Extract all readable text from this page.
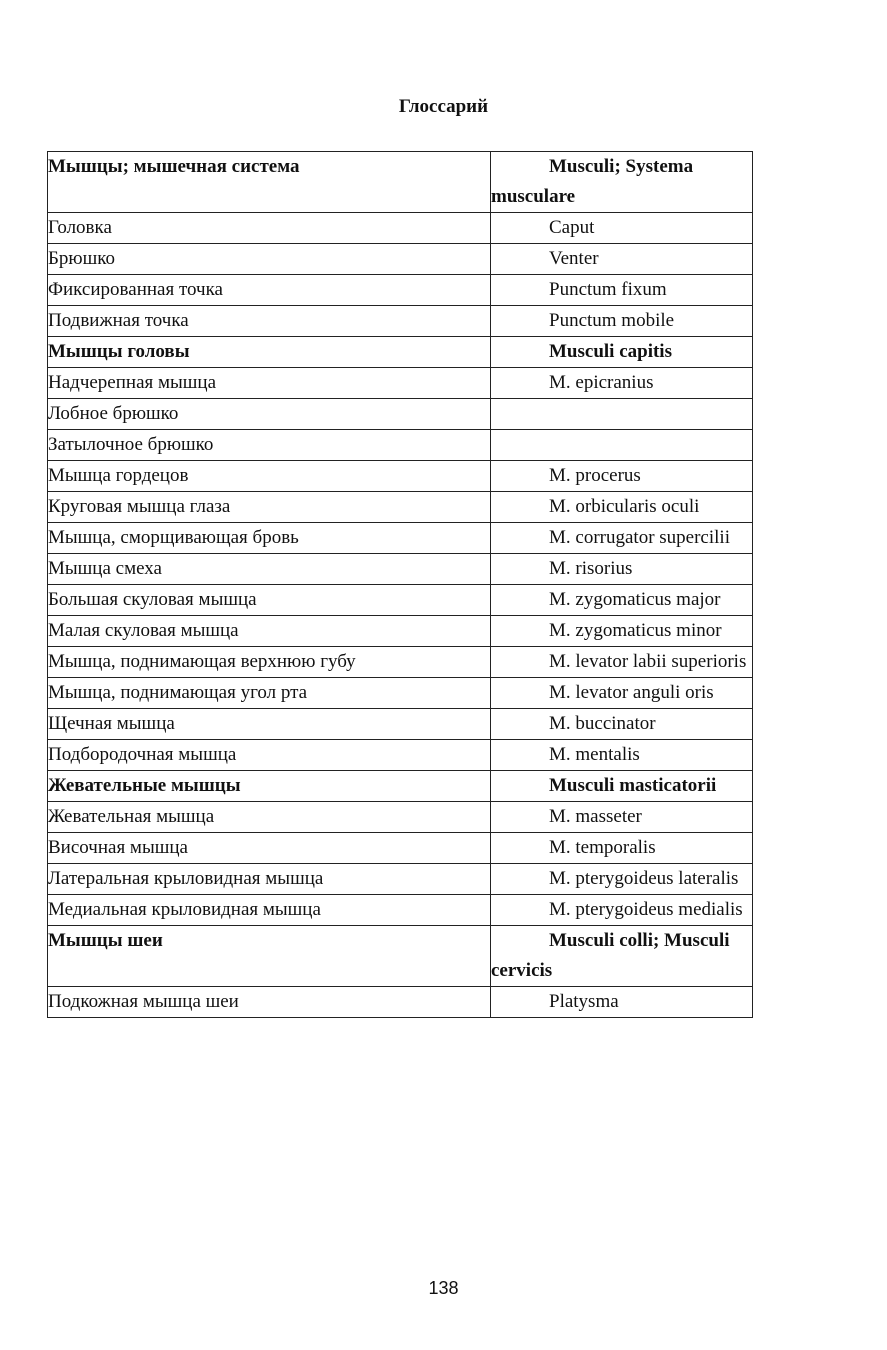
Глоссарий
Мышцы; мышечная система	Musculi; Systema musculare
Головка	Caput
Брюшко	Venter
Фиксированная точка	Punctum fixum
Подвижная точка	Punctum mobile
Мышцы головы	Musculi capitis
Надчерепная мышца	M. epicranius
Лобное брюшко	
Затылочное брюшко	
Мышца гордецов	M. procerus
Круговая мышца глаза	M. orbicularis oculi
Мышца, сморщивающая бровь	M. corrugator supercilii
Мышца смеха	M. risorius
Большая скуловая мышца	M. zygomaticus major
Малая скуловая мышца	M. zygomaticus minor
Мышца, поднимающая верхнюю губу	M. levator labii superioris
Мышца, поднимающая угол рта	M. levator anguli oris
Щечная мышца	M. buccinator
Подбородочная мышца	M. mentalis
Жевательные мышцы	Musculi masticatorii
Жевательная мышца	M. masseter
Височная мышца	M. temporalis
Латеральная крыловидная мышца	M. pterygoideus lateralis
Медиальная крыловидная мышца	M. pterygoideus medialis
Мышцы шеи	Musculi colli; Musculi cervicis
Подкожная мышца шеи	Platysma
138
